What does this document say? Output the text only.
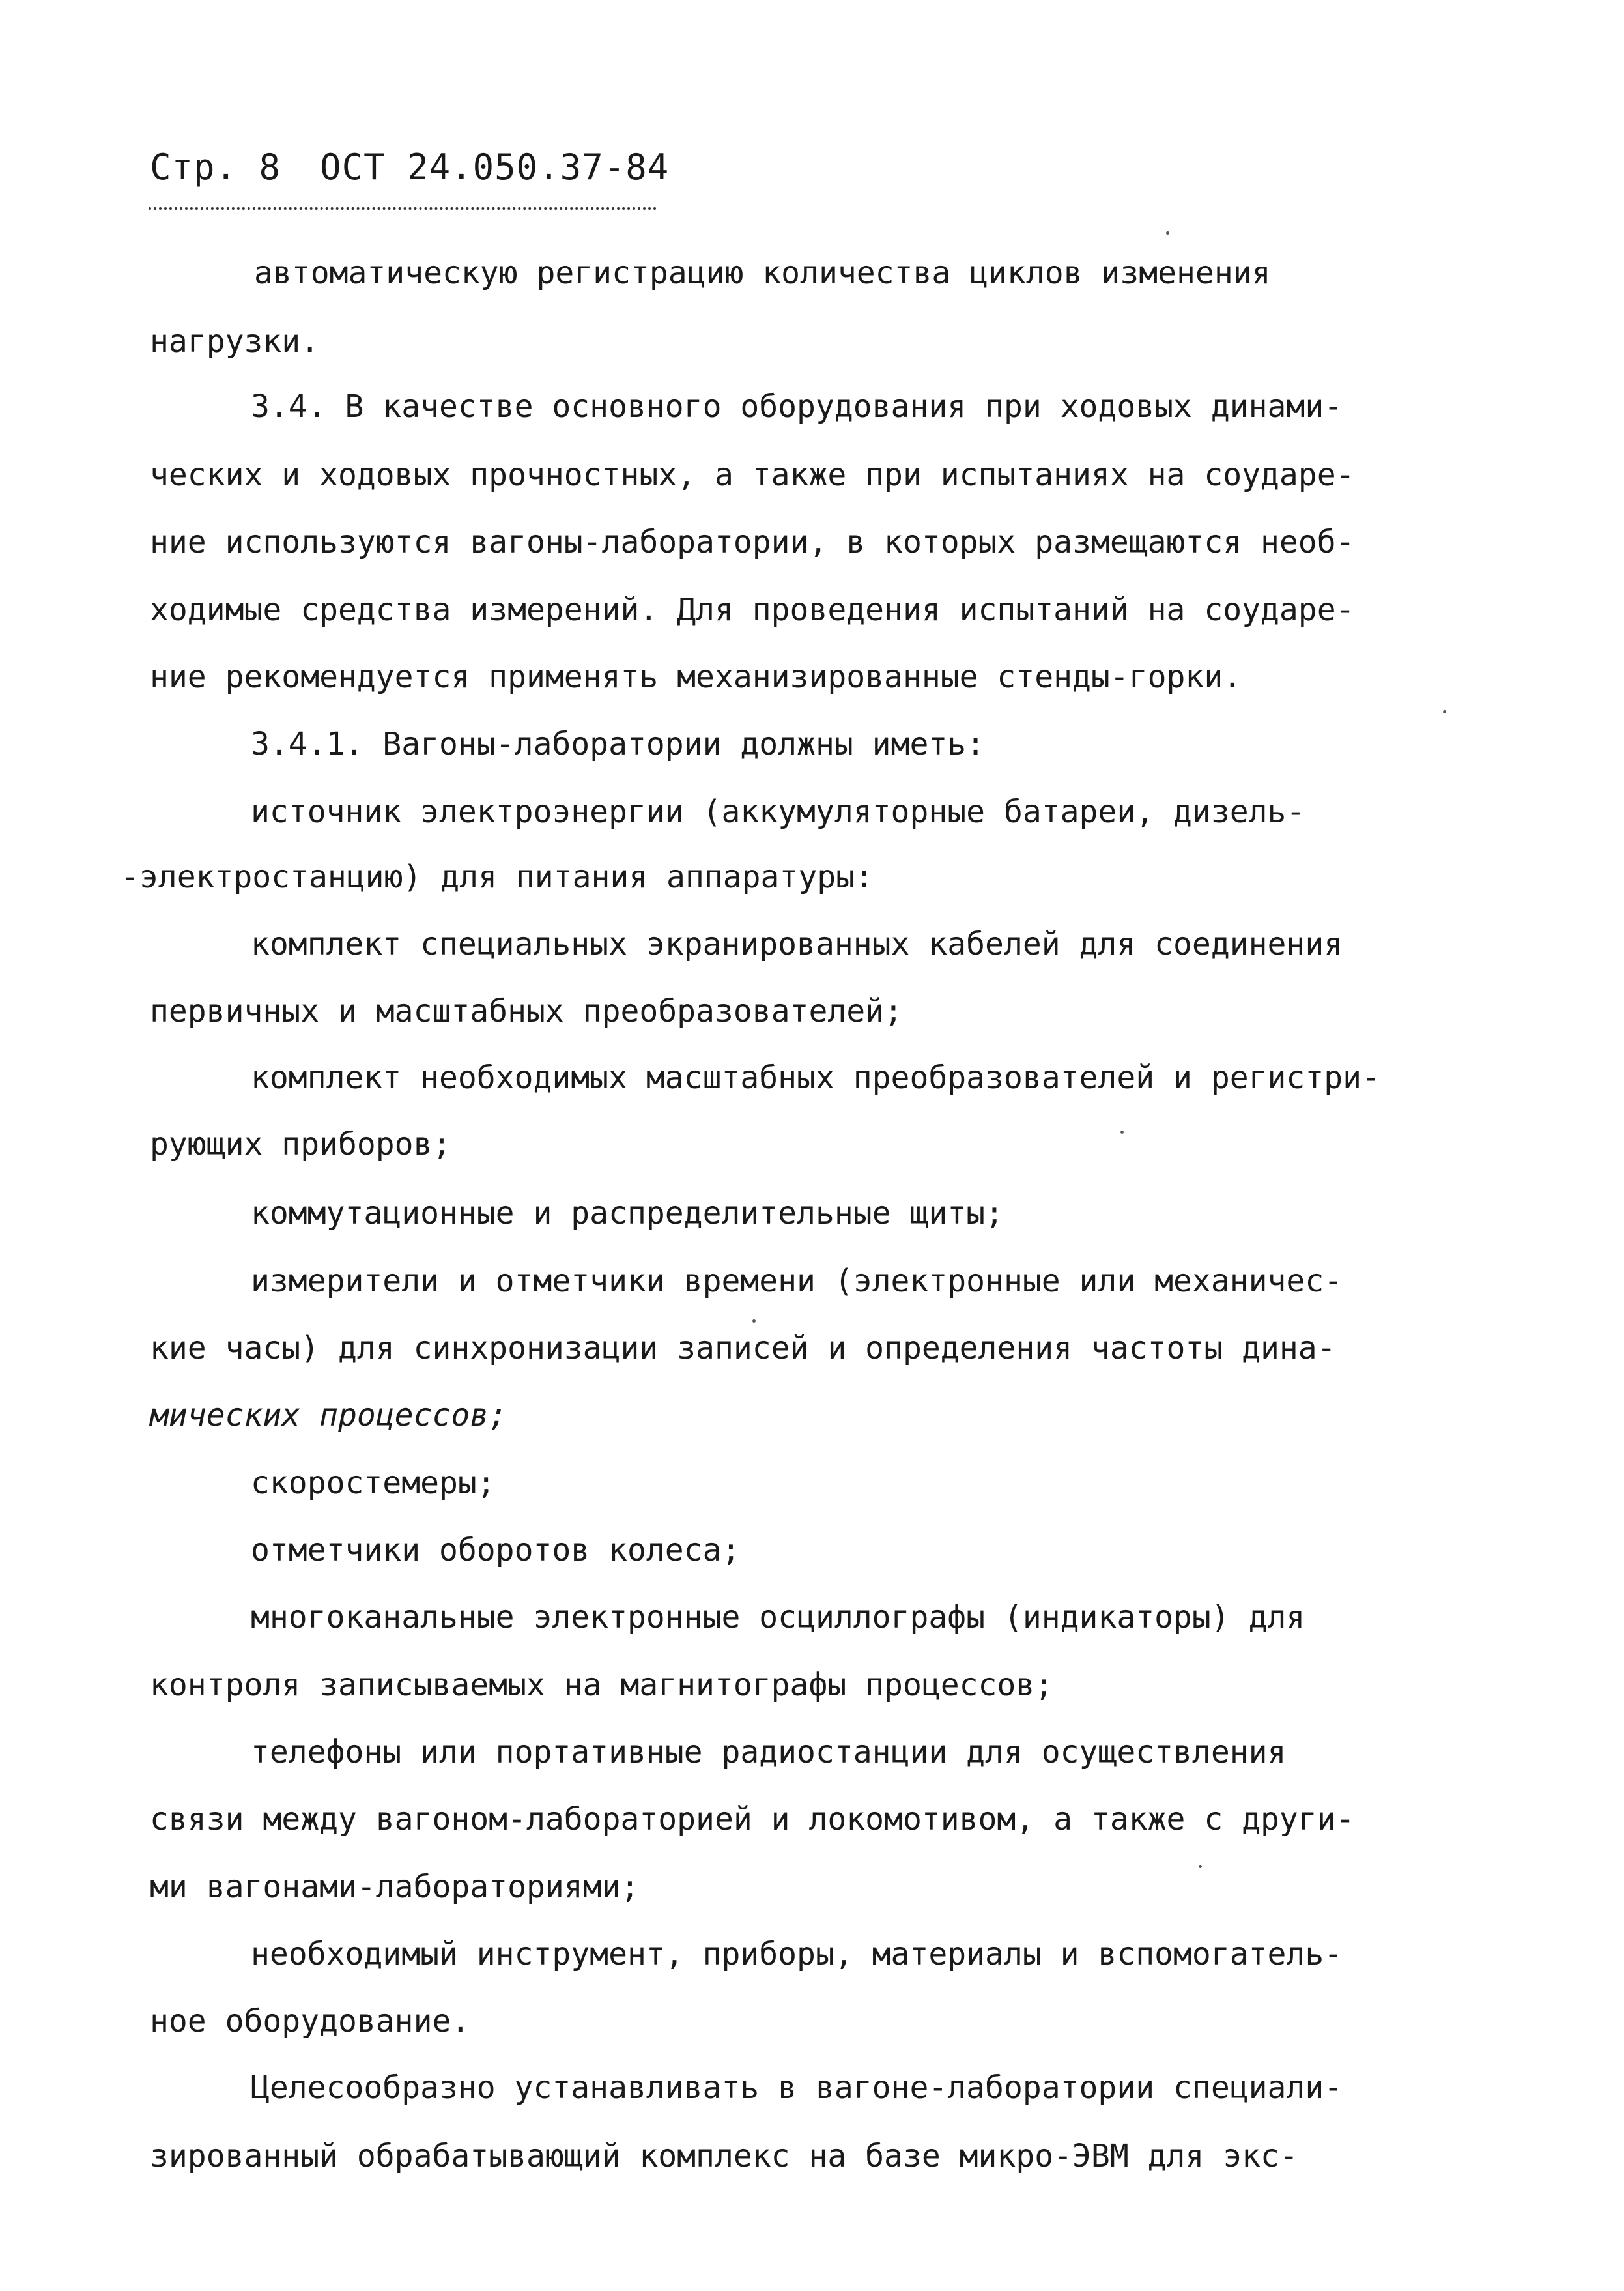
Стр. 8 ОСТ 24.050.37-84
автоматическую регистрацию количества циклов изменения
нагрузки.
3.4. В качестве основного оборудования при ходовых динами-
ческих и ходовых прочностных, а также при испытаниях на соударе-
ние используются вагоны-лаборатории, в которых размещаются необ-
ходимые средства измерений. Для проведения испытаний на соударе-
ние рекомендуется применять механизированные стенды-горки.
3.4.1. Вагоны-лаборатории должны иметь:
источник электроэнергии (аккумуляторные батареи, дизель-
-электростанцию) для питания аппаратуры:
комплект специальных экранированных кабелей для соединения
первичных и масштабных преобразователей;
комплект необходимых масштабных преобразователей и регистри-
рующих приборов;
коммутационные и распределительные щиты;
измерители и отметчики времени (электронные или механичес-
кие часы) для синхронизации записей и определения частоты дина-
мических процессов;
скоростемеры;
отметчики оборотов колеса;
многоканальные электронные осциллографы (индикаторы) для
контроля записываемых на магнитографы процессов;
телефоны или портативные радиостанции для осуществления
связи между вагоном-лабораторией и локомотивом, а также с други-
ми вагонами-лабораториями;
необходимый инструмент, приборы, материалы и вспомогатель-
ное оборудование.
Целесообразно устанавливать в вагоне-лаборатории специали-
зированный обрабатывающий комплекс на базе микро-ЭВМ для экс-
